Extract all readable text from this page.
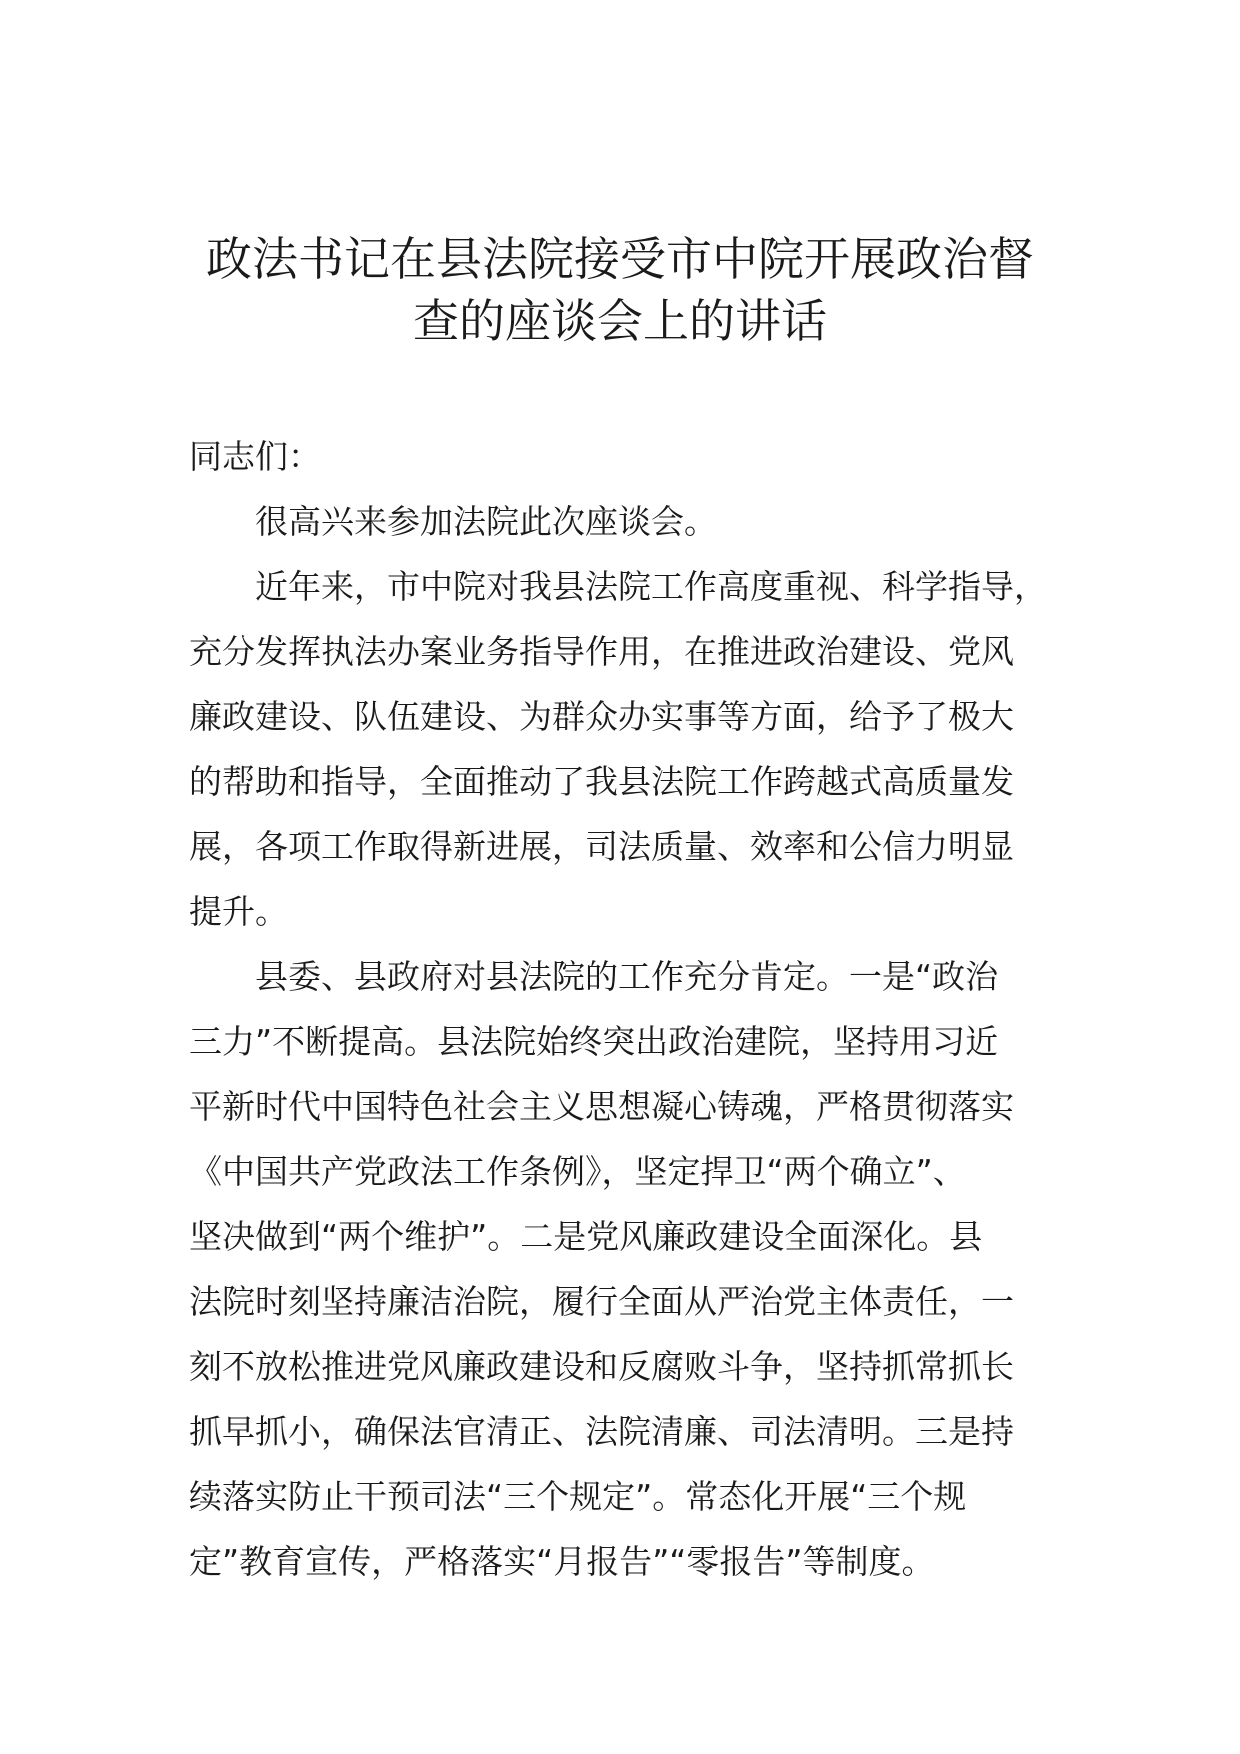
政法书记在县法院接受市中院开展政治督
查的座谈会上的讲话
同志们：
很高兴来参加法院此次座谈会。
近年来，市中院对我县法院工作高度重视、科学指导，
充分发挥执法办案业务指导作用，在推进政治建设、党风
廉政建设、队伍建设、为群众办实事等方面，给予了极大
的帮助和指导，全面推动了我县法院工作跨越式高质量发
展，各项工作取得新进展，司法质量、效率和公信力明显
提升。
县委、县政府对县法院的工作充分肯定。一是“政治
三力”不断提高。县法院始终突出政治建院，坚持用习近
平新时代中国特色社会主义思想凝心铸魂，严格贯彻落实
《中国共产党政法工作条例》，坚定捍卫“两个确立”、
坚决做到“两个维护”。二是党风廉政建设全面深化。县
法院时刻坚持廉洁治院，履行全面从严治党主体责任，一
刻不放松推进党风廉政建设和反腐败斗争，坚持抓常抓长
抓早抓小，确保法官清正、法院清廉、司法清明。三是持
续落实防止干预司法“三个规定”。常态化开展“三个规
定”教育宣传，严格落实“月报告”“零报告”等制度。
